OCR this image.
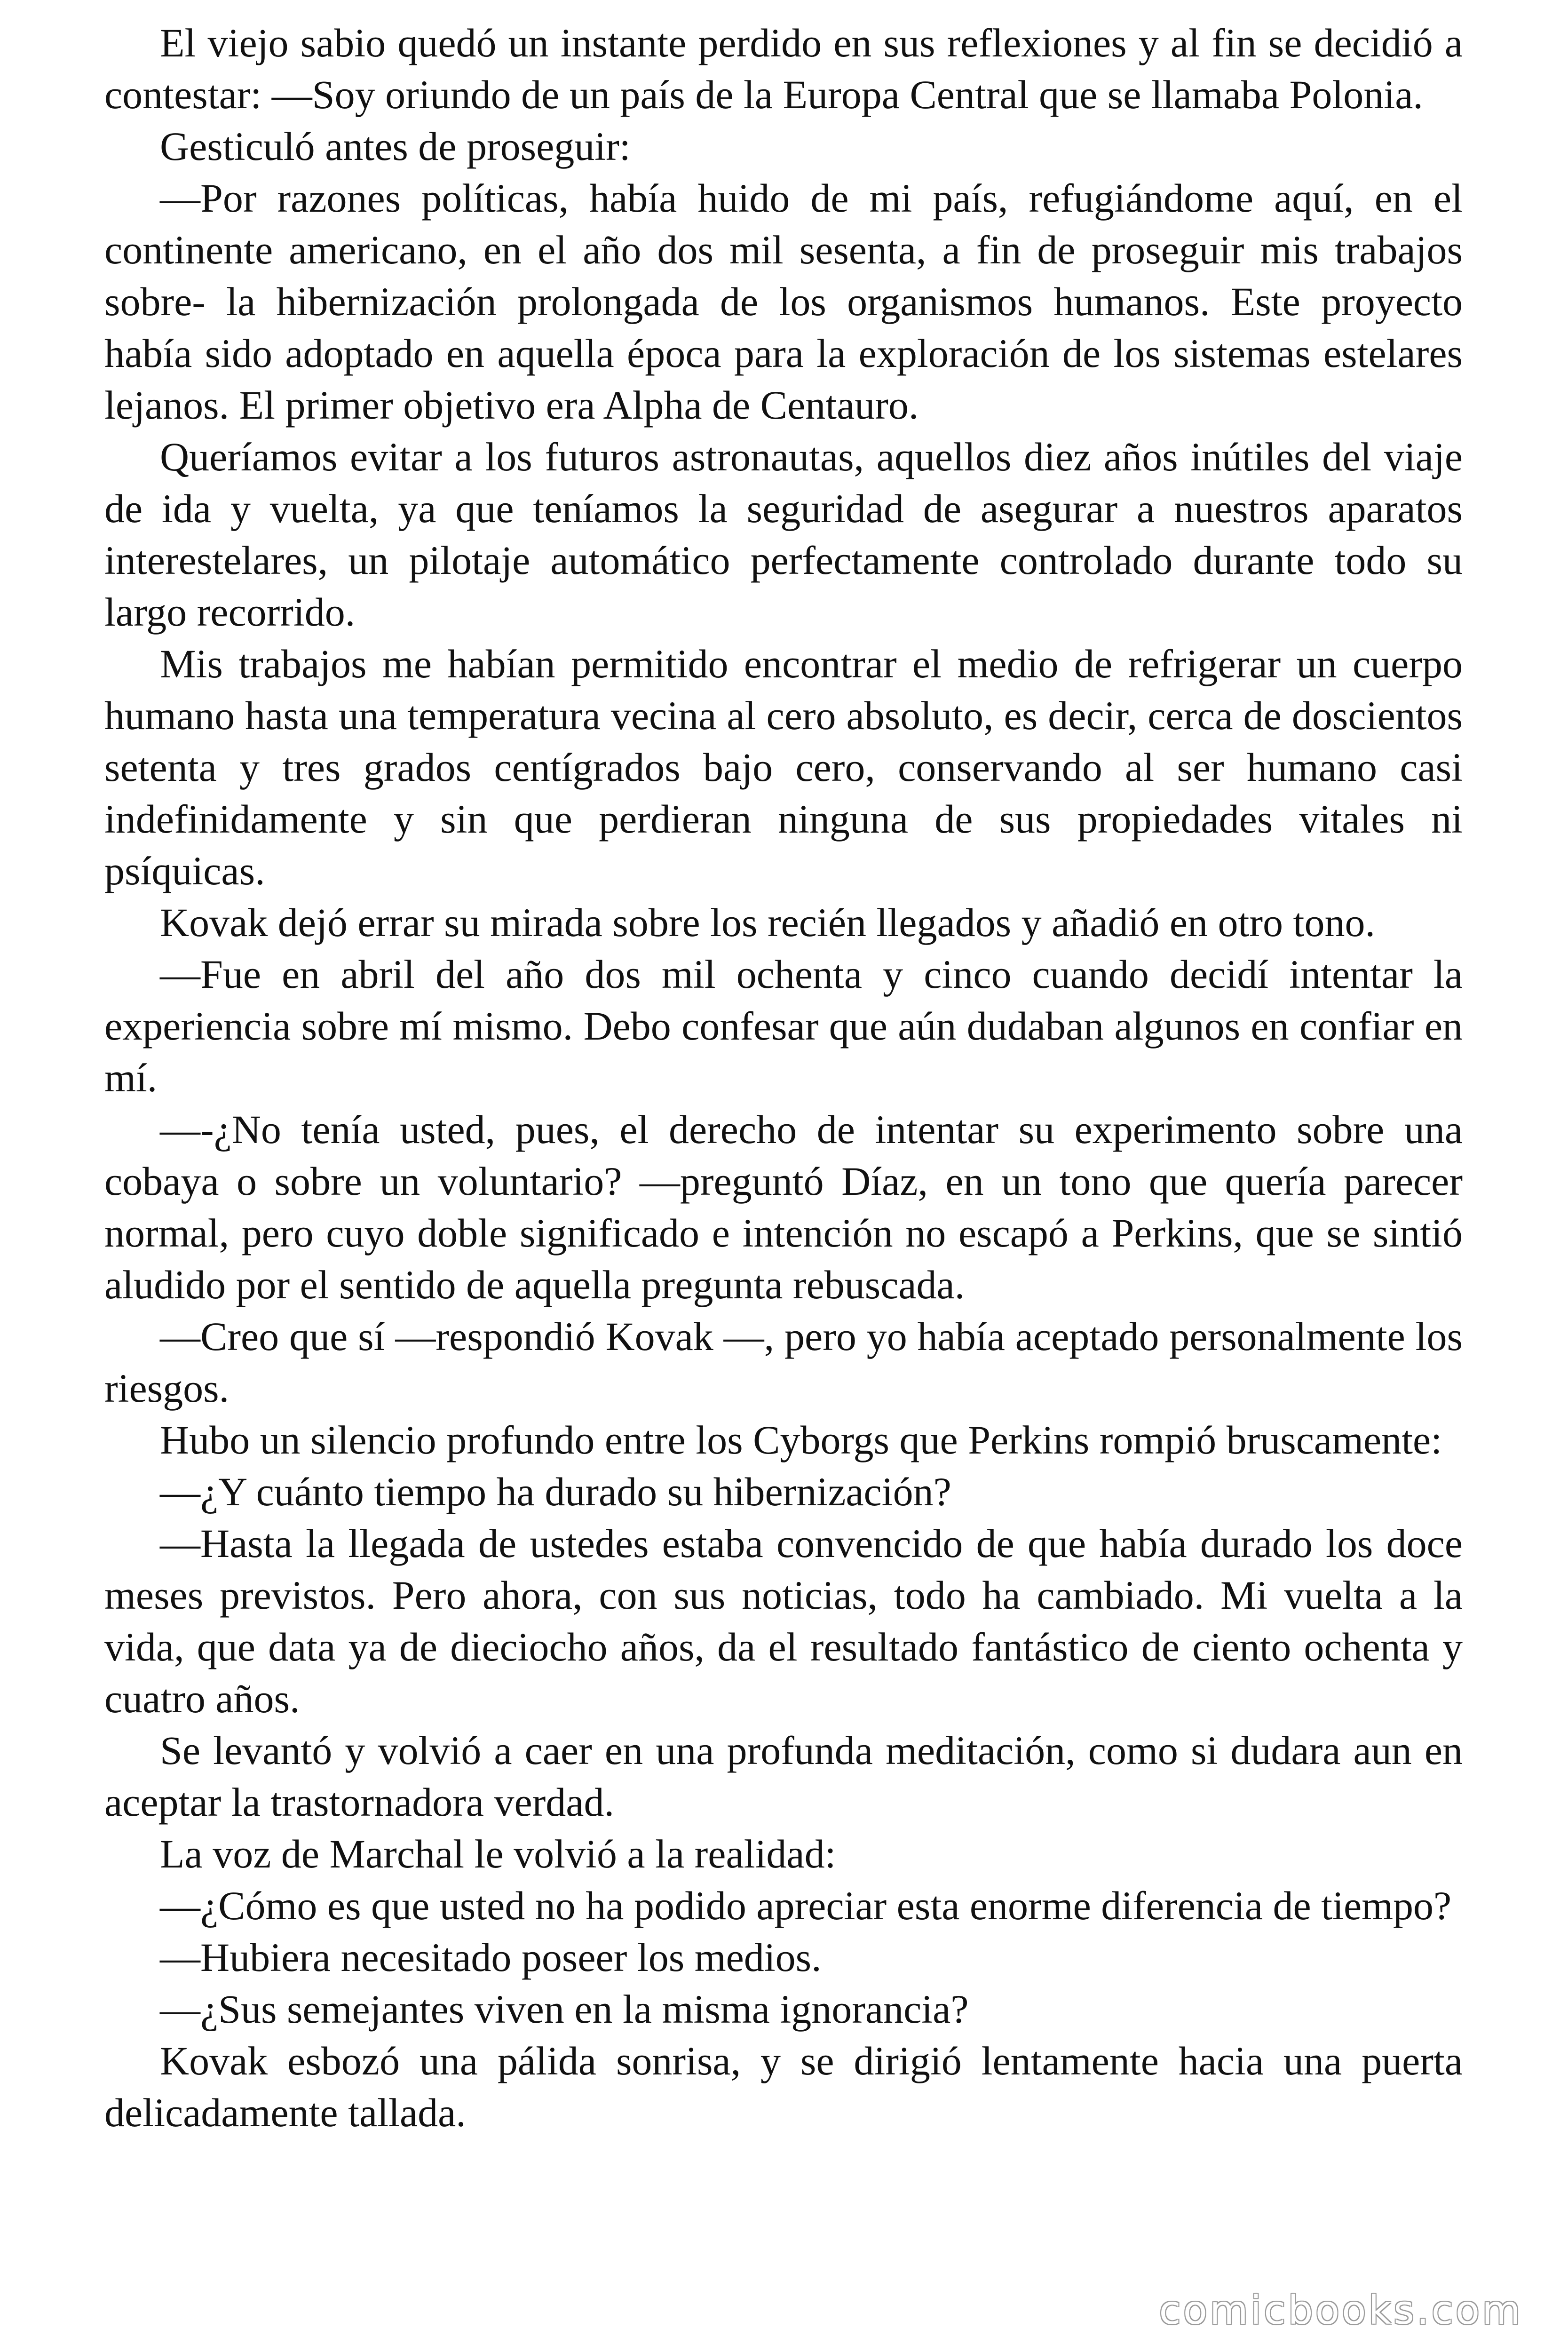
El viejo sabio quedó un instante perdido en sus reflexiones y al fin se decidió a contestar: —Soy oriundo de un país de la Europa Central que se llamaba Polonia.

Gesticuló antes de proseguir:

—Por razones políticas, había huido de mi país, refugiándome aquí, en el continente americano, en el año dos mil sesenta, a fin de proseguir mis trabajos sobre- la hibernización prolongada de los organismos humanos. Este proyecto había sido adoptado en aquella época para la exploración de los sistemas estelares lejanos. El primer objetivo era Alpha de Centauro.

Queríamos evitar a los futuros astronautas, aquellos diez años inútiles del viaje de ida y vuelta, ya que teníamos la seguridad de asegurar a nuestros aparatos interestelares, un pilotaje automático perfectamente controlado durante todo su largo recorrido.

Mis trabajos me habían permitido encontrar el medio de refrigerar un cuerpo humano hasta una temperatura vecina al cero absoluto, es decir, cerca de doscientos setenta y tres grados centígrados bajo cero, conservando al ser humano casi indefinidamente y sin que perdieran ninguna de sus propiedades vitales ni psíquicas.

Kovak dejó errar su mirada sobre los recién llegados y añadió en otro tono.

—Fue en abril del año dos mil ochenta y cinco cuando decidí intentar la experiencia sobre mí mismo. Debo confesar que aún dudaban algunos en confiar en mí.

—-¿No tenía usted, pues, el derecho de intentar su experimento sobre una cobaya o sobre un voluntario? —preguntó Díaz, en un tono que quería parecer normal, pero cuyo doble significado e intención no escapó a Perkins, que se sintió aludido por el sentido de aquella pregunta rebuscada.

—Creo que sí —respondió Kovak —, pero yo había aceptado personalmente los riesgos.

Hubo un silencio profundo entre los Cyborgs que Perkins rompió bruscamente:

—¿Y cuánto tiempo ha durado su hibernización?

—Hasta la llegada de ustedes estaba convencido de que había durado los doce meses previstos. Pero ahora, con sus noticias, todo ha cambiado. Mi vuelta a la vida, que data ya de dieciocho años, da el resultado fantástico de ciento ochenta y cuatro años.

Se levantó y volvió a caer en una profunda meditación, como si dudara aun en aceptar la trastornadora verdad.

La voz de Marchal le volvió a la realidad:

—¿Cómo es que usted no ha podido apreciar esta enorme diferencia de tiempo?

—Hubiera necesitado poseer los medios.

—¿Sus semejantes viven en la misma ignorancia?

Kovak esbozó una pálida sonrisa, y se dirigió lentamente hacia una puerta delicadamente tallada.

comicbooks.com
